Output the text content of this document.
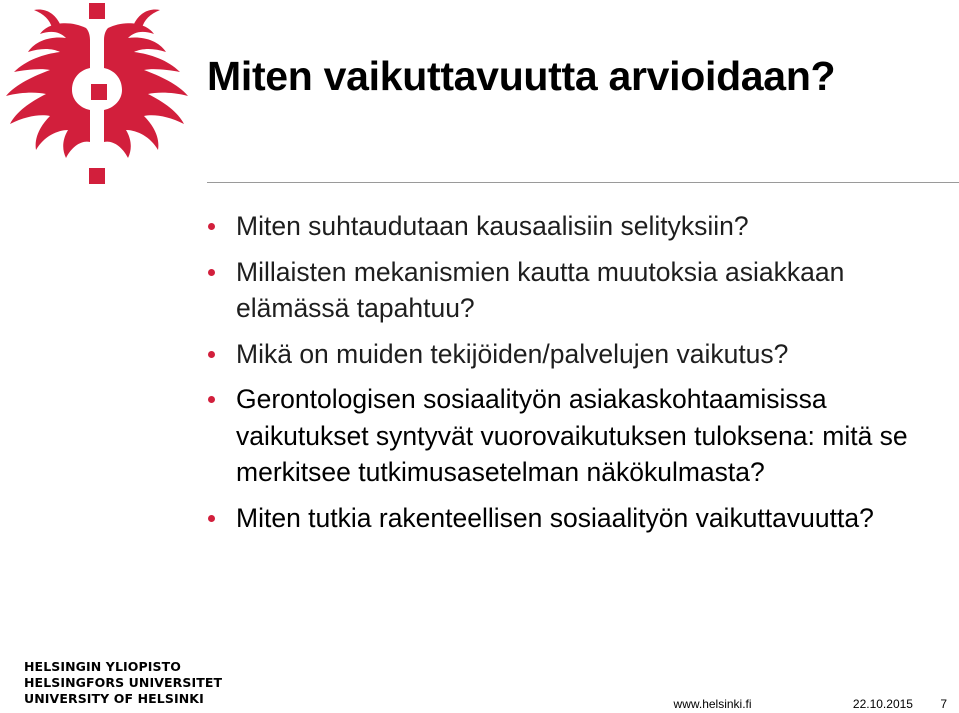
Miten vaikuttavuutta arvioidaan?
Miten suhtaudutaan kausaalisiin selityksiin?
Millaisten mekanismien kautta muutoksia asiakkaan elämässä tapahtuu?
Mikä on muiden tekijöiden/palvelujen vaikutus?
Gerontologisen sosiaalityön asiakaskohtaamisissa vaikutukset syntyvät vuorovaikutuksen tuloksena: mitä se merkitsee tutkimusasetelman näkökulmasta?
Miten tutkia rakenteellisen sosiaalityön vaikuttavuutta?
HELSINGIN YLIOPISTO
HELSINGFORS UNIVERSITET
UNIVERSITY OF HELSINKI	www.helsinki.fi	22.10.2015 7
